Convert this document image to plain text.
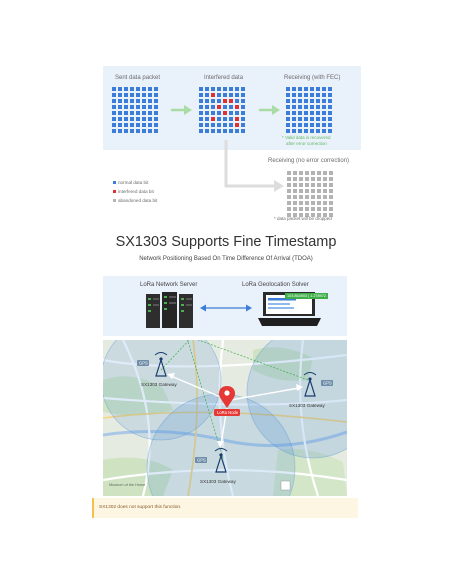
Sent data packet	Interfered data	Receiving (with FEC)
* Valid data is recovered
after error correction
Receiving (no error correction)
* data packet will be dropped
normal data bit
interfered data bit
abandoned data bit
SX1303 Supports Fine Timestamp
Network Positioning Based On Time Difference Of Arrival (TDOA)
LoRa Network Server	LoRa Geolocation Solver
103.864903 | 1.278972
GPS
GPS
GPS
SX1303 Gateway
SX1303 Gateway
SX1303 Gateway
LoRa Node
Museum of the Home
SX1302 does not support this function.
